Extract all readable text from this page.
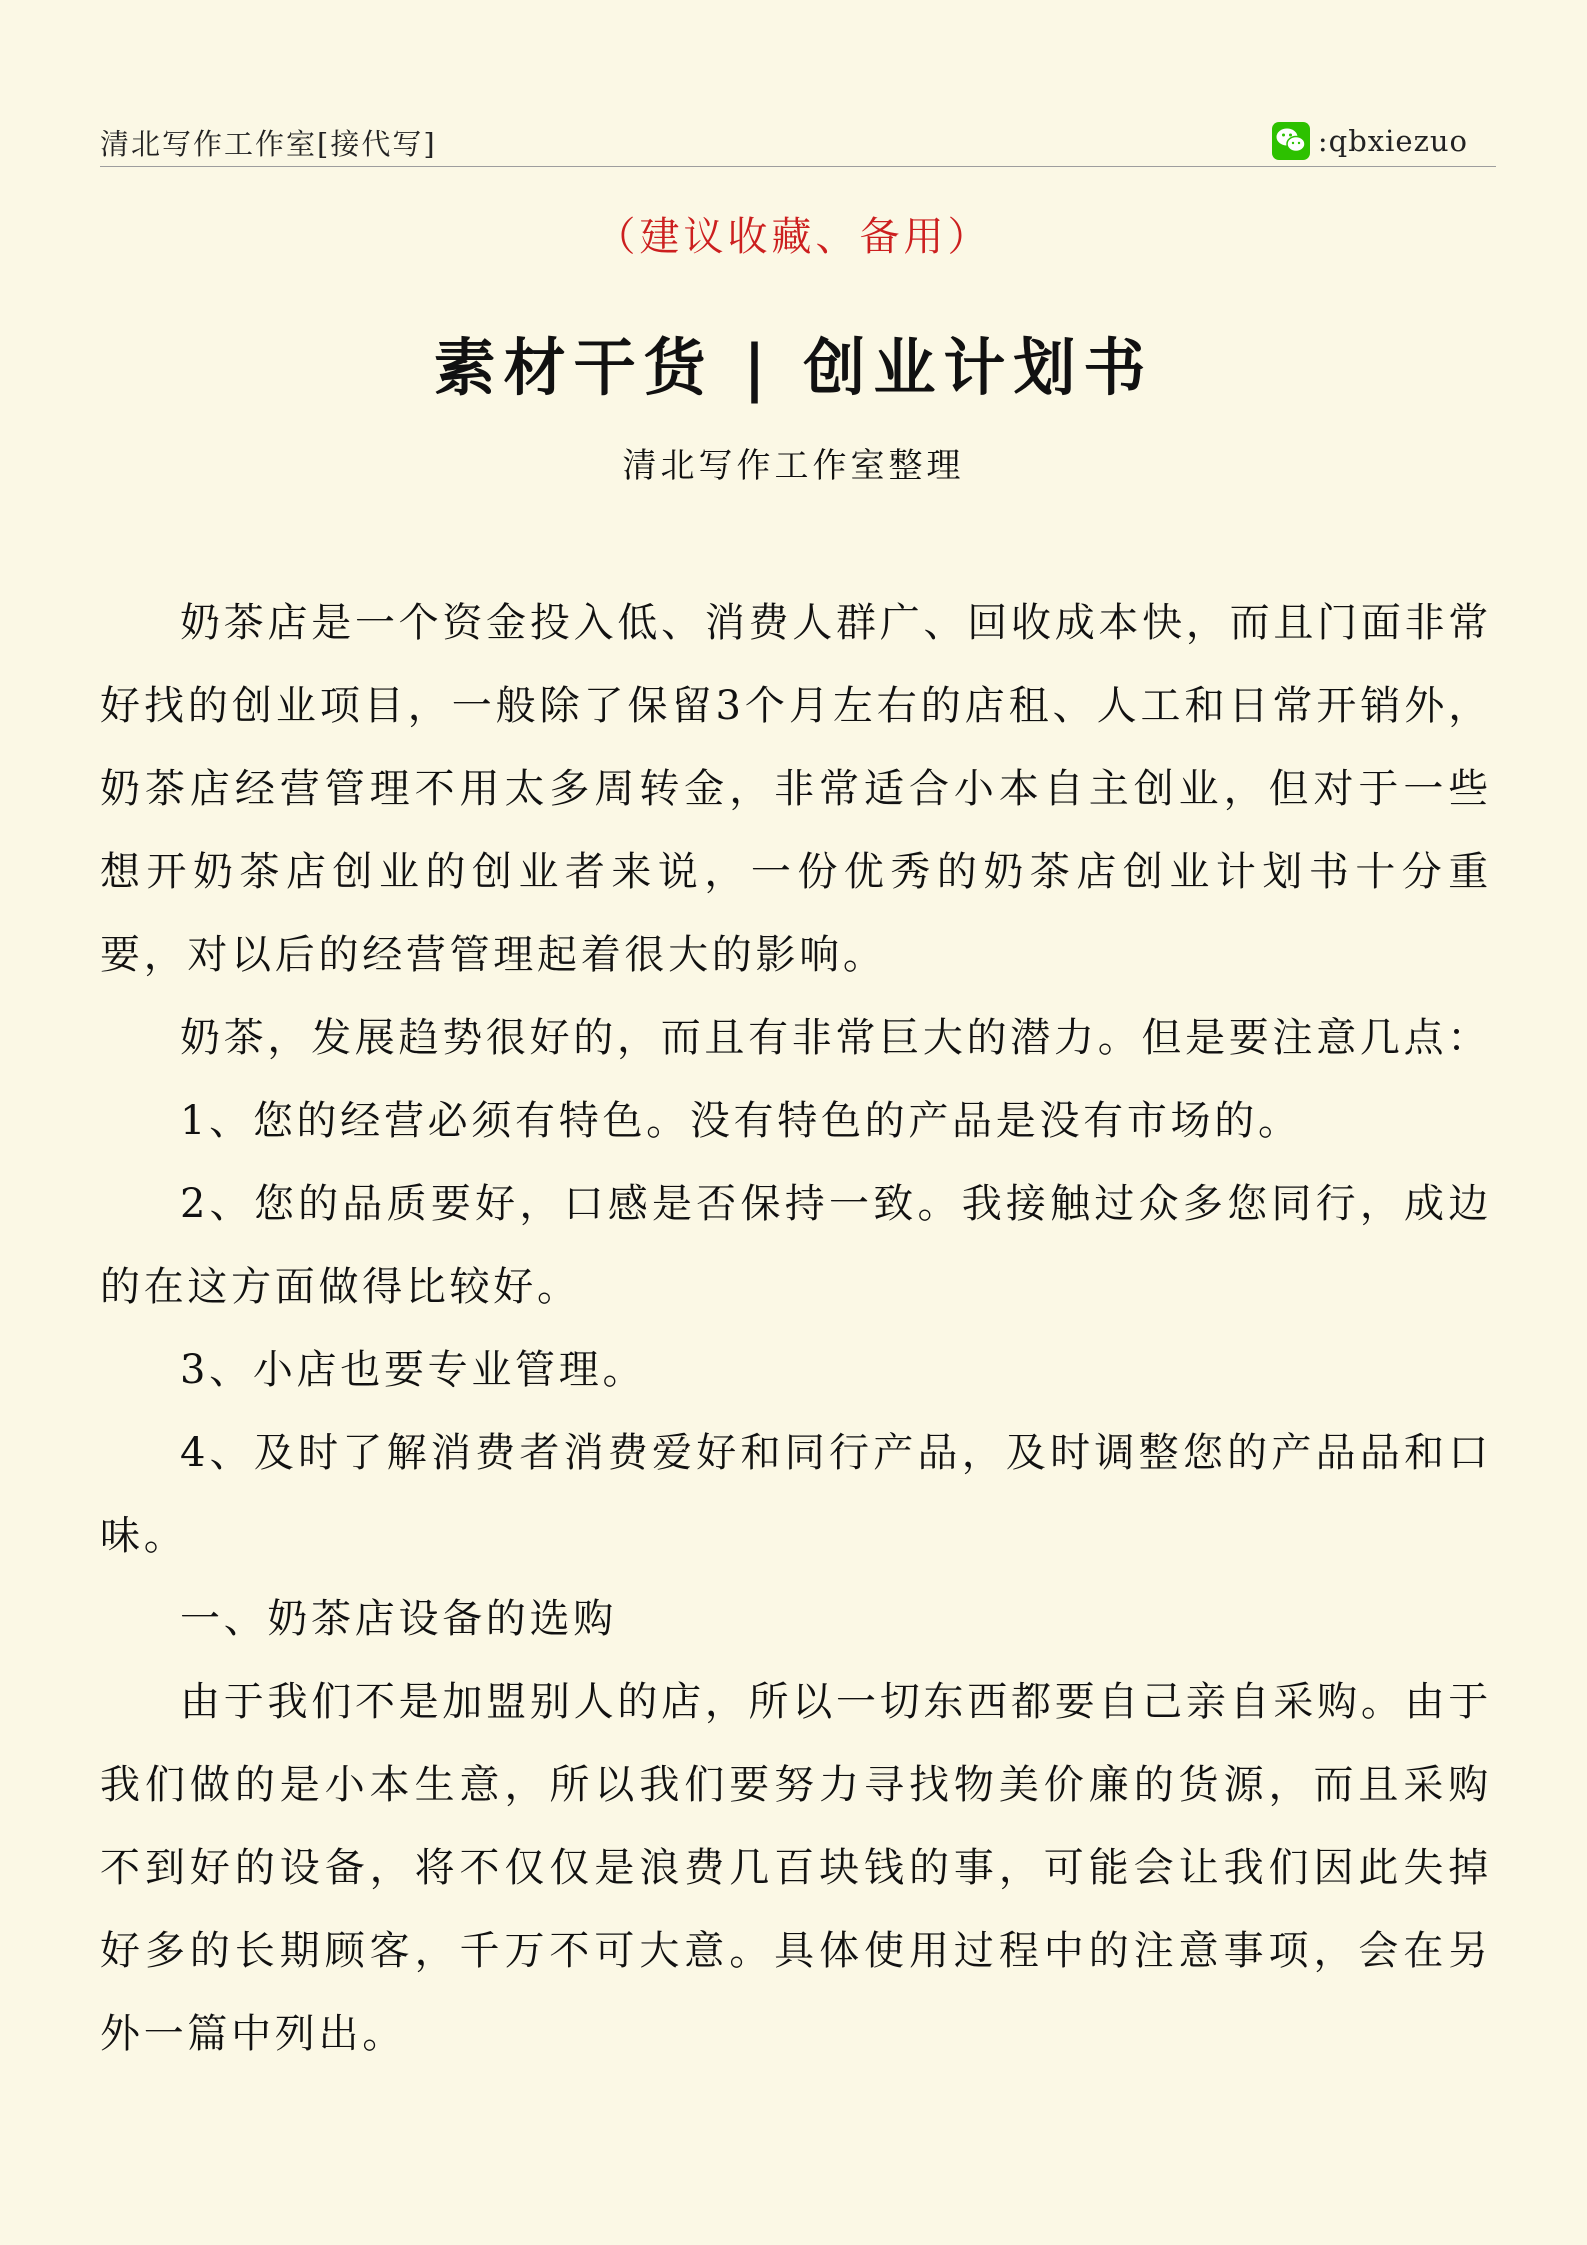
清北写作工作室[接代写]	:qbxiezuo
（建议收藏、备用）
素材干货 | 创业计划书
清北写作工作室整理

奶茶店是一个资金投入低、消费人群广、回收成本快，而且门面非常好找的创业项目，一般除了保留3个月左右的店租、人工和日常开销外，奶茶店经营管理不用太多周转金，非常适合小本自主创业，但对于一些想开奶茶店创业的创业者来说，一份优秀的奶茶店创业计划书十分重要，对以后的经营管理起着很大的影响。

奶茶，发展趋势很好的，而且有非常巨大的潜力。但是要注意几点：

1、您的经营必须有特色。没有特色的产品是没有市场的。

2、您的品质要好，口感是否保持一致。我接触过众多您同行，成边的在这方面做得比较好。

3、小店也要专业管理。

4、及时了解消费者消费爱好和同行产品，及时调整您的产品品和口味。

一、奶茶店设备的选购

由于我们不是加盟别人的店，所以一切东西都要自己亲自采购。由于我们做的是小本生意，所以我们要努力寻找物美价廉的货源，而且采购不到好的设备，将不仅仅是浪费几百块钱的事，可能会让我们因此失掉好多的长期顾客，千万不可大意。具体使用过程中的注意事项，会在另外一篇中列出。
